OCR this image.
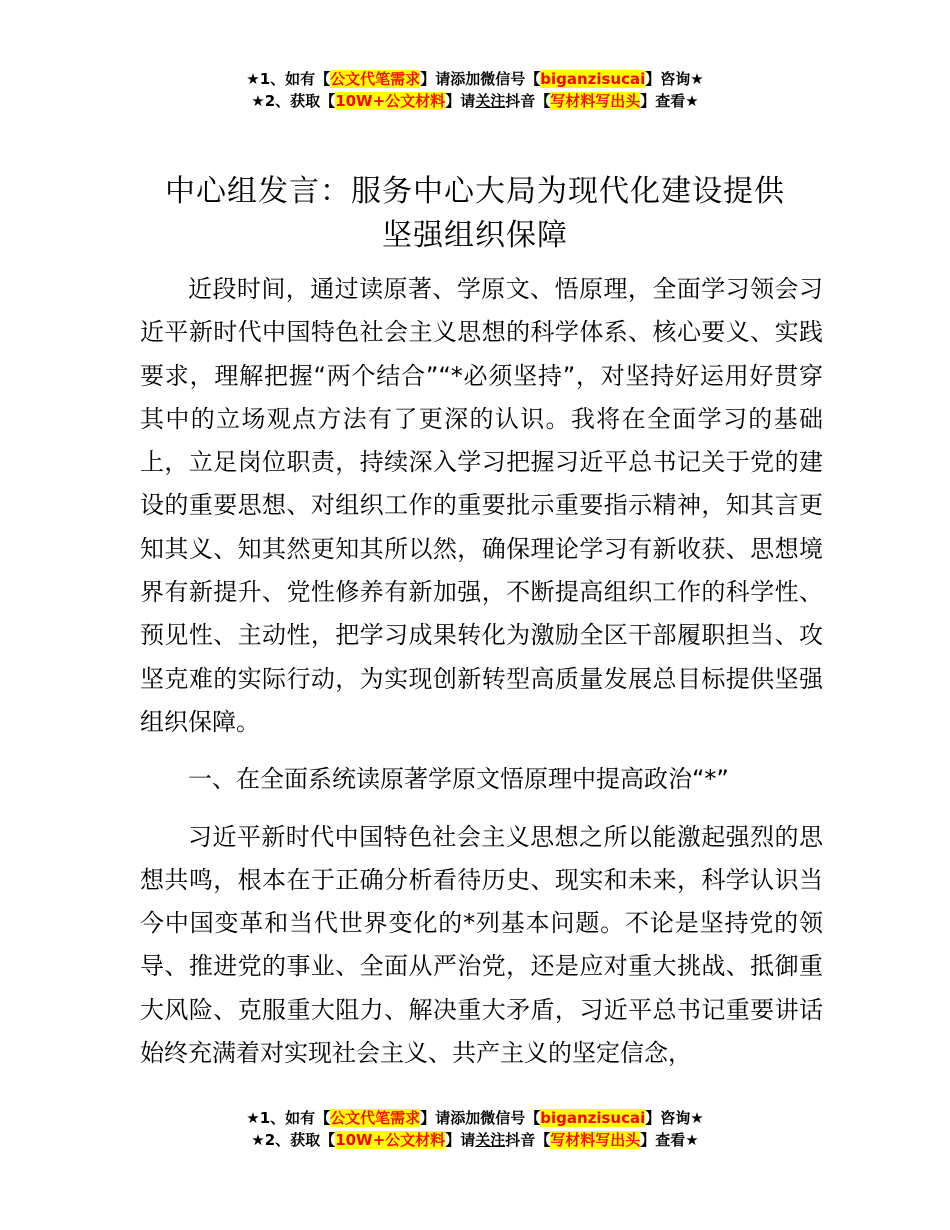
★1、如有【公文代笔需求】请添加微信号【biganzisucai】咨询★
★2、获取【10W+公文材料】请关注抖音【写材料写出头】查看★
中心组发言：服务中心大局为现代化建设提供
坚强组织保障

近段时间，通过读原著、学原文、悟原理，全面学习领会习近平新时代中国特色社会主义思想的科学体系、核心要义、实践要求，理解把握“两个结合”“*必须坚持”，对坚持好运用好贯穿其中的立场观点方法有了更深的认识。我将在全面学习的基础上，立足岗位职责，持续深入学习把握习近平总书记关于党的建设的重要思想、对组织工作的重要批示重要指示精神，知其言更知其义、知其然更知其所以然，确保理论学习有新收获、思想境界有新提升、党性修养有新加强，不断提高组织工作的科学性、预见性、主动性，把学习成果转化为激励全区干部履职担当、攻坚克难的实际行动，为实现创新转型高质量发展总目标提供坚强组织保障。

一、在全面系统读原著学原文悟原理中提高政治“*”

习近平新时代中国特色社会主义思想之所以能激起强烈的思想共鸣，根本在于正确分析看待历史、现实和未来，科学认识当今中国变革和当代世界变化的*列基本问题。不论是坚持党的领导、推进党的事业、全面从严治党，还是应对重大挑战、抵御重大风险、克服重大阻力、解决重大矛盾，习近平总书记重要讲话始终充满着对实现社会主义、共产主义的坚定信念，

★1、如有【公文代笔需求】请添加微信号【biganzisucai】咨询★
★2、获取【10W+公文材料】请关注抖音【写材料写出头】查看★
